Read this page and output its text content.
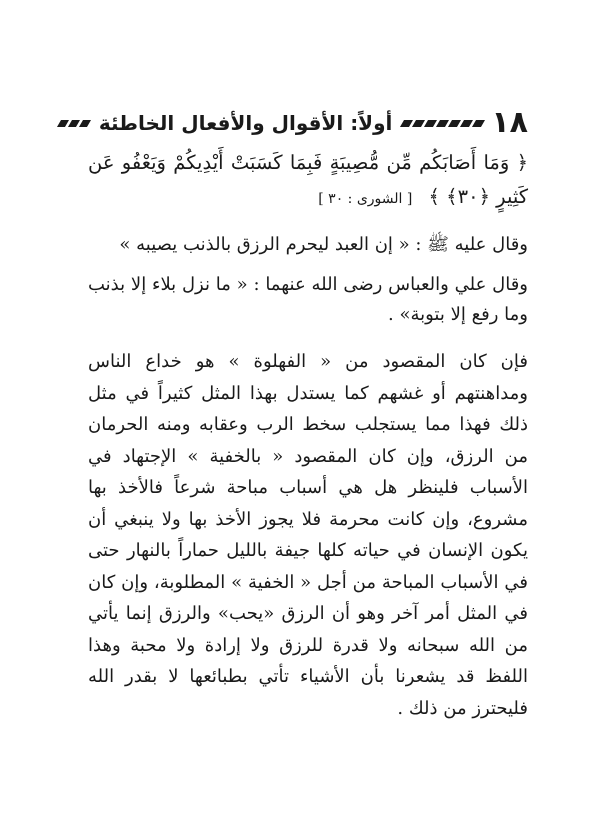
١٨
أولاً: الأقوال والأفعال الخاطئة

﴿ وَمَا أَصَابَكُم مِّن مُّصِيبَةٍ فَبِمَا كَسَبَتْ أَيْدِيكُمْ وَيَعْفُو عَن كَثِيرٍ ﴿٣٠﴾ ﴾ [ الشورى : ٣٠ ]

وقال عليه ﷺ : « إن العبد ليحرم الرزق بالذنب يصيبه »

وقال علي والعباس رضى الله عنهما : « ما نزل بلاء إلا بذنب وما رفع إلا بتوبة» .

فإن كان المقصود من « الفهلوة » هو خداع الناس ومداهنتهم أو غشهم كما يستدل بهذا المثل كثيراً في مثل ذلك فهذا مما يستجلب سخط الرب وعقابه ومنه الحرمان من الرزق، وإن كان المقصود « بالخفية » الإجتهاد في الأسباب فلينظر هل هي أسباب مباحة شرعاً فالأخذ بها مشروع، وإن كانت محرمة فلا يجوز الأخذ بها ولا ينبغي أن يكون الإنسان في حياته كلها جيفة بالليل حماراً بالنهار حتى في الأسباب المباحة من أجل « الخفية » المطلوبة، وإن كان في المثل أمر آخر وهو أن الرزق «يحب» والرزق إنما يأتي من الله سبحانه ولا قدرة للرزق ولا إرادة ولا محبة وهذا اللفظ قد يشعرنا بأن الأشياء تأتي بطبائعها لا بقدر الله فليحترز من ذلك .
